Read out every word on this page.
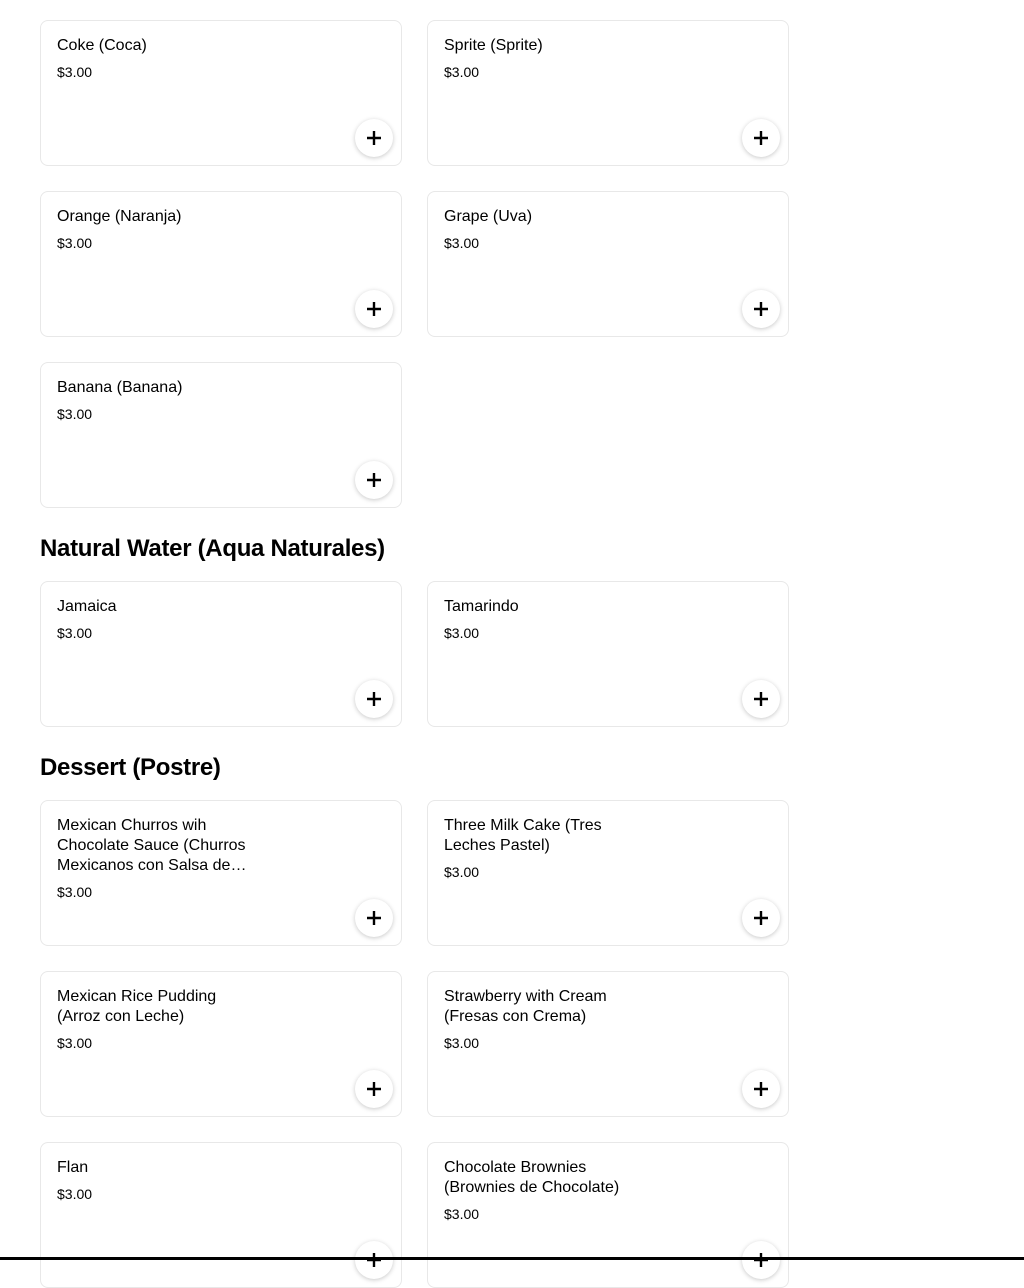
Coke (Coca)
$3.00
Sprite (Sprite)
$3.00
Orange (Naranja)
$3.00
Grape (Uva)
$3.00
Banana (Banana)
$3.00
Natural Water (Aqua Naturales)
Jamaica
$3.00
Tamarindo
$3.00
Dessert (Postre)
Mexican Churros wih Chocolate Sauce (Churros Mexicanos con Salsa de
$3.00
Three Milk Cake (Tres Leches Pastel)
$3.00
Mexican Rice Pudding (Arroz con Leche)
$3.00
Strawberry with Cream (Fresas con Crema)
$3.00
Flan
$3.00
Chocolate Brownies (Brownies de Chocolate)
$3.00
